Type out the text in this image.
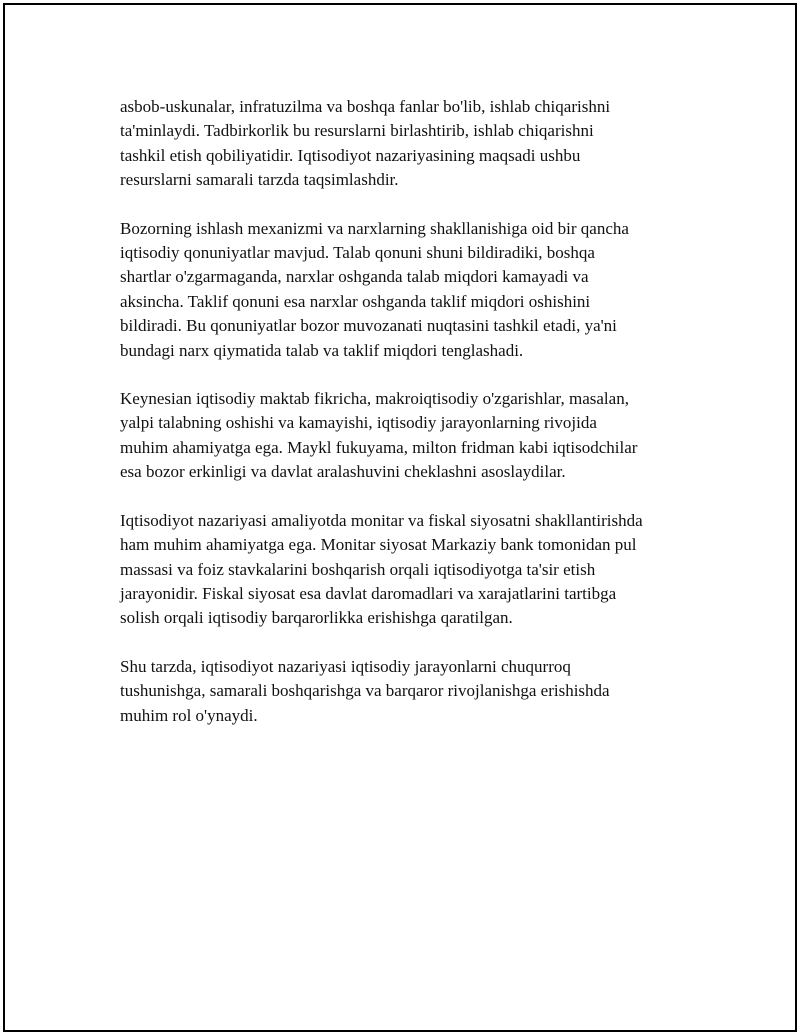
asbob-uskunalar, infratuzilma va boshqa fanlar bo'lib, ishlab chiqarishni
ta'minlaydi. Tadbirkorlik bu resurslarni birlashtirib, ishlab chiqarishni
tashkil etish qobiliyatidir. Iqtisodiyot nazariyasining maqsadi ushbu
resurslarni samarali tarzda taqsimlashdir.

Bozorning ishlash mexanizmi va narxlarning shakllanishiga oid bir qancha
iqtisodiy qonuniyatlar mavjud. Talab qonuni shuni bildiradiki, boshqa
shartlar o'zgarmaganda, narxlar oshganda talab miqdori kamayadi va
aksincha. Taklif qonuni esa narxlar oshganda taklif miqdori oshishini
bildiradi. Bu qonuniyatlar bozor muvozanati nuqtasini tashkil etadi, ya'ni
bundagi narx qiymatida talab va taklif miqdori tenglashadi.

Keynesian iqtisodiy maktab fikricha, makroiqtisodiy o'zgarishlar, masalan,
yalpi talabning oshishi va kamayishi, iqtisodiy jarayonlarning rivojida
muhim ahamiyatga ega. Maykl fukuyama, milton fridman kabi iqtisodchilar
esa bozor erkinligi va davlat aralashuvini cheklashni asoslaydilar.

Iqtisodiyot nazariyasi amaliyotda monitar va fiskal siyosatni shakllantirishda
ham muhim ahamiyatga ega. Monitar siyosat Markaziy bank tomonidan pul
massasi va foiz stavkalarini boshqarish orqali iqtisodiyotga ta'sir etish
jarayonidir. Fiskal siyosat esa davlat daromadlari va xarajatlarini tartibga
solish orqali iqtisodiy barqarorlikka erishishga qaratilgan.

Shu tarzda, iqtisodiyot nazariyasi iqtisodiy jarayonlarni chuqurroq
tushunishga, samarali boshqarishga va barqaror rivojlanishga erishishda
muhim rol o'ynaydi.
